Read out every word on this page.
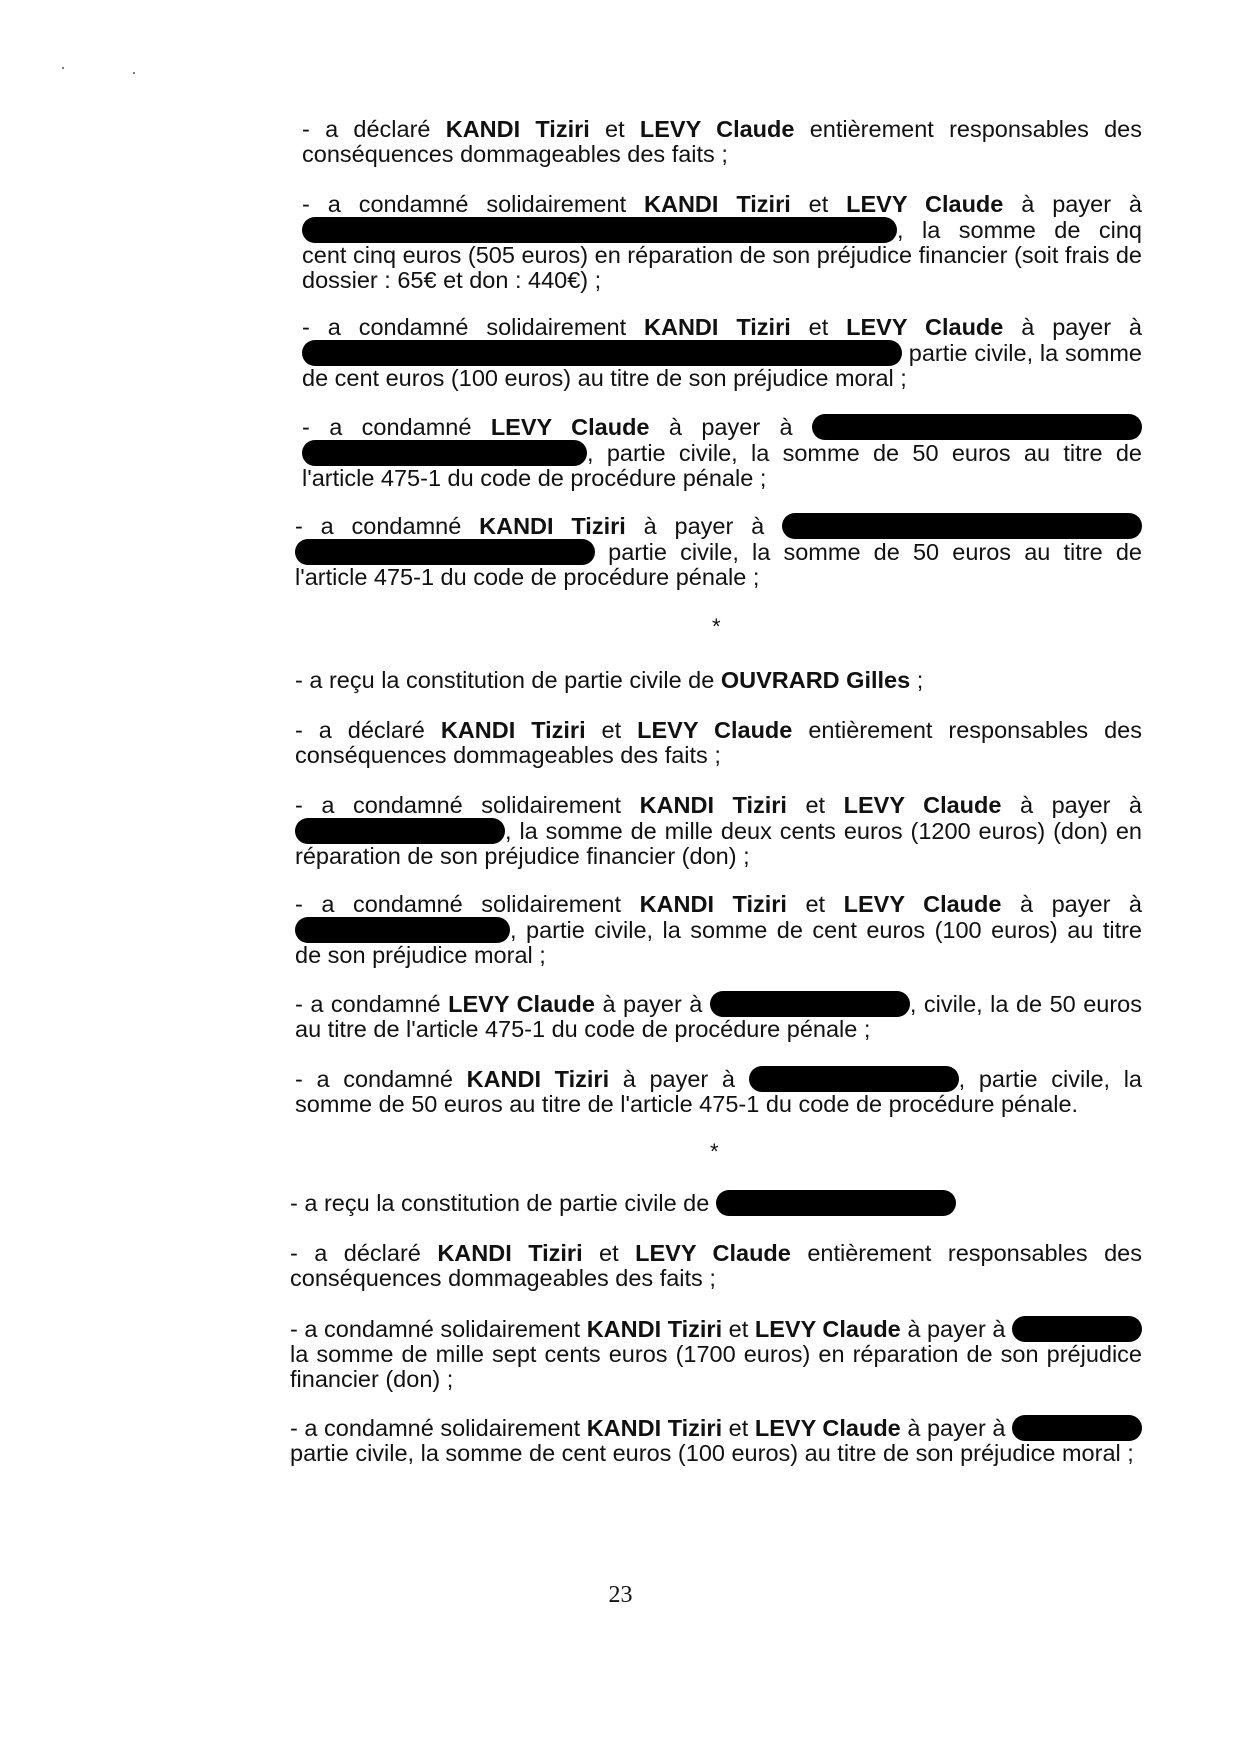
- a déclaré KANDI Tiziri et LEVY Claude entièrement responsables des conséquences dommageables des faits ;

- a condamné solidairement KANDI Tiziri et LEVY Claude à payer à , la somme de cinq cent cinq euros (505 euros) en réparation de son préjudice financier (soit frais de dossier : 65€ et don : 440€) ;

- a condamné solidairement KANDI Tiziri et LEVY Claude à payer à  partie civile, la somme de cent euros (100 euros) au titre de son préjudice moral ;

- a condamné LEVY Claude à payer à  , partie civile, la somme de 50 euros au titre de l'article 475-1 du code de procédure pénale ;

- a condamné KANDI Tiziri à payer à   partie civile, la somme de 50 euros au titre de l'article 475-1 du code de procédure pénale ;

*

- a reçu la constitution de partie civile de OUVRARD Gilles ;

- a déclaré KANDI Tiziri et LEVY Claude entièrement responsables des conséquences dommageables des faits ;

- a condamné solidairement KANDI Tiziri et LEVY Claude à payer à , la somme de mille deux cents euros (1200 euros) (don) en réparation de son préjudice financier (don) ;

- a condamné solidairement KANDI Tiziri et LEVY Claude à payer à , partie civile, la somme de cent euros (100 euros) au titre de son préjudice moral ;

- a condamné LEVY Claude à payer à	, civile, la de 50 euros au titre de l'article 475-1 du code de procédure pénale ;

- a condamné KANDI Tiziri à payer à	, partie civile, la somme de 50 euros au titre de l'article 475-1 du code de procédure pénale.

*

- a reçu la constitution de partie civile de

- a déclaré KANDI Tiziri et LEVY Claude entièrement responsables des conséquences dommageables des faits ;

- a condamné solidairement KANDI Tiziri et LEVY Claude à payer à  la somme de mille sept cents euros (1700 euros) en réparation de son préjudice financier (don) ;

- a condamné solidairement KANDI Tiziri et LEVY Claude à payer à  partie civile, la somme de cent euros (100 euros) au titre de son préjudice moral ;

23
